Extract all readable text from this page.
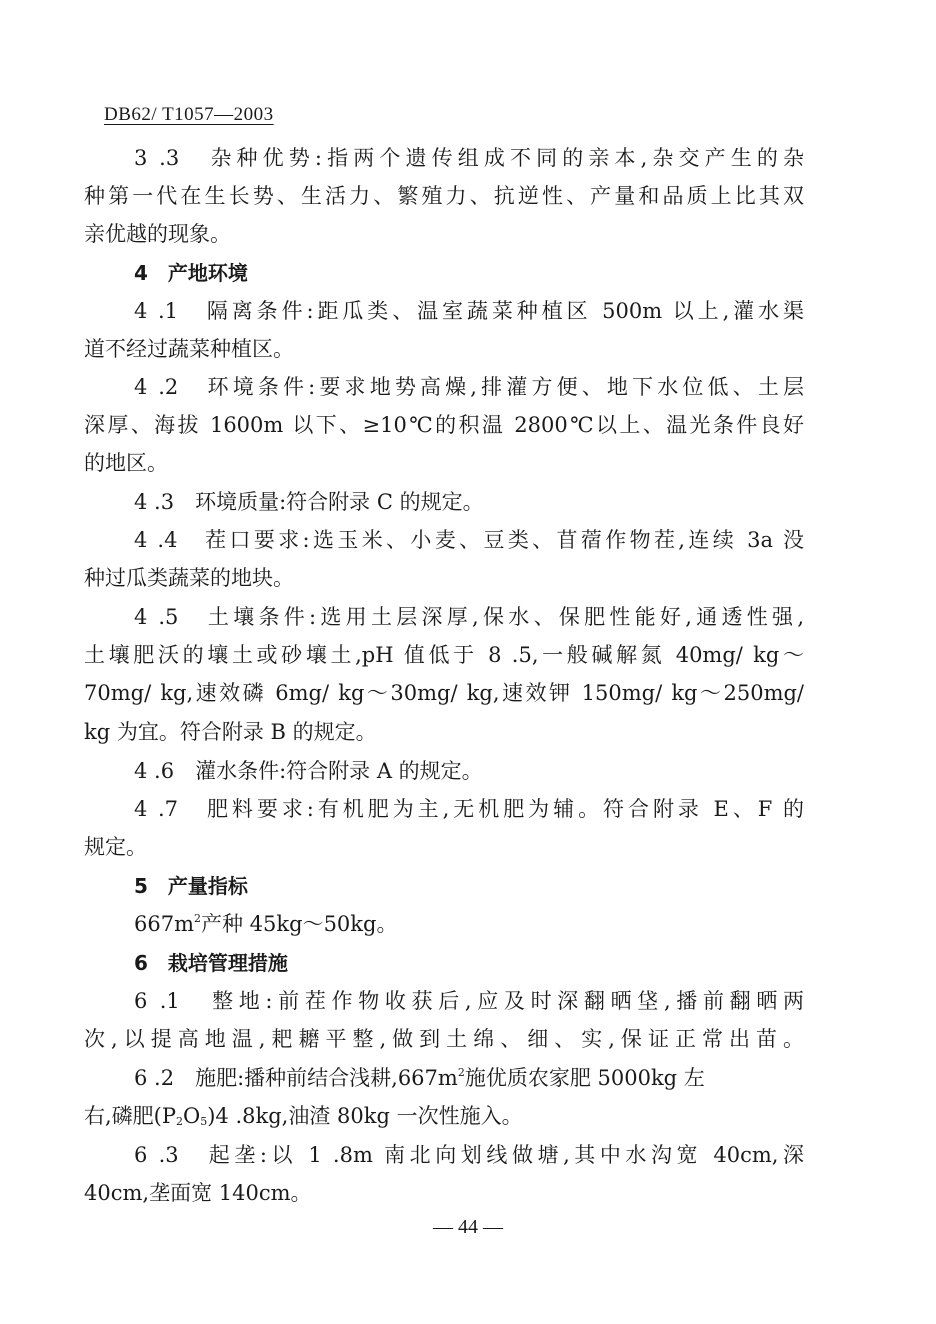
DB62/ T1057—2003
3 .3　杂种优势:指两个遗传组成不同的亲本,杂交产生的杂
种第一代在生长势、生活力、繁殖力、抗逆性、产量和品质上比其双
亲优越的现象。
4　产地环境
4 .1　隔离条件:距瓜类、温室蔬菜种植区 500m 以上,灌水渠
道不经过蔬菜种植区。
4 .2　环境条件:要求地势高燥,排灌方便、地下水位低、土层
深厚、海拔 1600m 以下、≥10℃的积温 2800℃以上、温光条件良好
的地区。
4 .3　环境质量:符合附录 C 的规定。
4 .4　茬口要求:选玉米、小麦、豆类、苜蓿作物茬,连续 3a 没
种过瓜类蔬菜的地块。
4 .5　土壤条件:选用土层深厚,保水、保肥性能好,通透性强,
土壤肥沃的壤土或砂壤土,pH 值低于 8 .5,一般碱解氮 40mg/ kg～
70mg/ kg,速效磷 6mg/ kg～30mg/ kg,速效钾 150mg/ kg～250mg/
kg 为宜。符合附录 B 的规定。
4 .6　灌水条件:符合附录 A 的规定。
4 .7　肥料要求:有机肥为主,无机肥为辅。符合附录 E、F 的
规定。
5　产量指标
$667m^2$产种 45kg～50kg。
6　栽培管理措施
6 .1　整地:前茬作物收获后,应及时深翻晒垡,播前翻晒两
次,以提高地温,耙耱平整,做到土绵、细、实,保证正常出苗。
6 .2　施肥:播种前结合浅耕$,667m^2$施优质农家肥 5000kg 左
右,磷肥$(P_2O_5)4$ .8kg,油渣 80kg 一次性施入。
6 .3　起垄:以 1 .8m 南北向划线做塘,其中水沟宽 40cm,深
40cm,垄面宽 140cm。
— 44 —
